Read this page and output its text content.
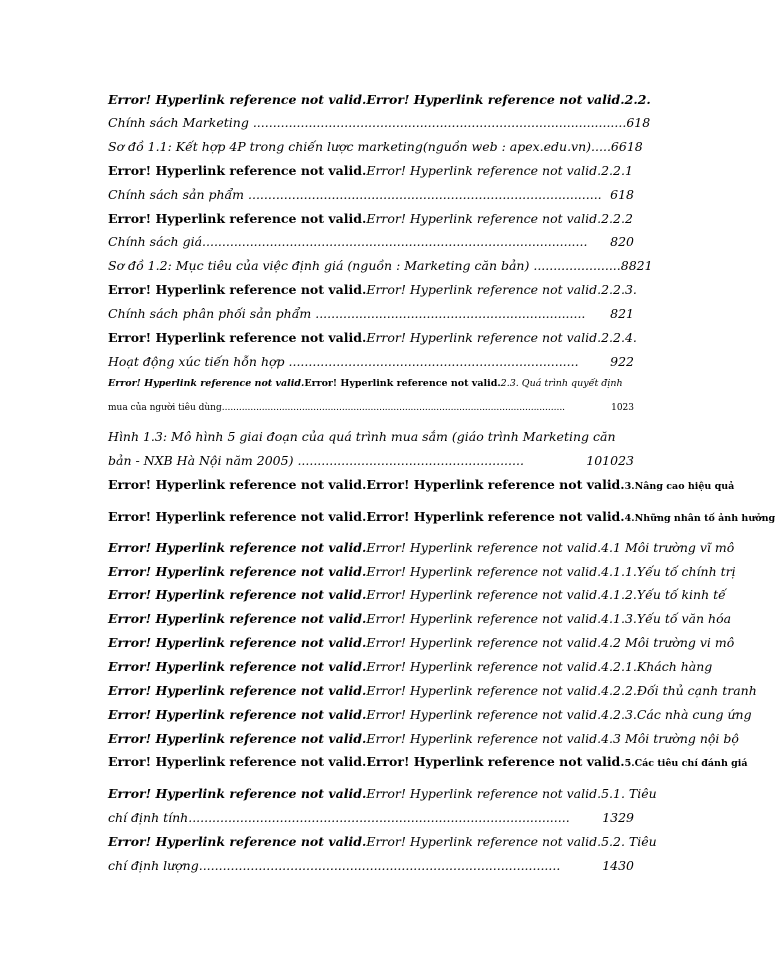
Error! Hyperlink reference not valid.Error! Hyperlink reference not valid.2.2.
Chính sách Marketing .............................................................................................. 618
Sơ đồ 1.1: Kết hợp 4P trong chiến lược marketing(nguồn web : apex.edu.vn)..... 6618
Error! Hyperlink reference not valid.Error! Hyperlink reference not valid.2.2.1
Chính sách sản phẩm ......................................................................................... 618
Error! Hyperlink reference not valid.Error! Hyperlink reference not valid.2.2.2
Chính sách giá................................................................................................. 820
Sơ đồ 1.2: Mục tiêu của việc định giá (nguồn : Marketing căn bản) ...................... 8821
Error! Hyperlink reference not valid.Error! Hyperlink reference not valid.2.2.3.
Chính sách phân phối sản phẩm .................................................................... 821
Error! Hyperlink reference not valid.Error! Hyperlink reference not valid.2.2.4.
Hoạt động xúc tiến hỗn hợp .........................................................................	922
Error! Hyperlink reference not valid.Error! Hyperlink reference not valid.2.3. Quá trình quyết định
mua của người tiêu dùng........................................................................................................................	1023
Hình 1.3: Mô hình 5 giai đoạn của quá trình mua sắm (giáo trình Marketing căn
bản - NXB Hà Nội năm 2005) .........................................................	101023
Error! Hyperlink reference not valid.Error! Hyperlink reference not valid.3.Nâng cao hiệu quả
Error! Hyperlink reference not valid.Error! Hyperlink reference not valid.4.Những nhân tố ảnh hưởng
Error! Hyperlink reference not valid.Error! Hyperlink reference not valid.4.1 Môi trường vĩ mô
Error! Hyperlink reference not valid.Error! Hyperlink reference not valid.4.1.1.Yếu tố chính trị
Error! Hyperlink reference not valid.Error! Hyperlink reference not valid.4.1.2.Yếu tố kinh tế
Error! Hyperlink reference not valid.Error! Hyperlink reference not valid.4.1.3.Yếu tố văn hóa
Error! Hyperlink reference not valid.Error! Hyperlink reference not valid.4.2 Môi trường vi mô
Error! Hyperlink reference not valid.Error! Hyperlink reference not valid.4.2.1.Khách hàng
Error! Hyperlink reference not valid.Error! Hyperlink reference not valid.4.2.2.Đối thủ cạnh tranh
Error! Hyperlink reference not valid.Error! Hyperlink reference not valid.4.2.3.Các nhà cung ứng
Error! Hyperlink reference not valid.Error! Hyperlink reference not valid.4.3 Môi trường nội bộ
Error! Hyperlink reference not valid.Error! Hyperlink reference not valid.5.Các tiêu chí đánh giá
Error! Hyperlink reference not valid.Error! Hyperlink reference not valid.5.1. Tiêu
chí định tính................................................................................................	1329
Error! Hyperlink reference not valid.Error! Hyperlink reference not valid.5.2. Tiêu
chí định lượng...........................................................................................	1430
